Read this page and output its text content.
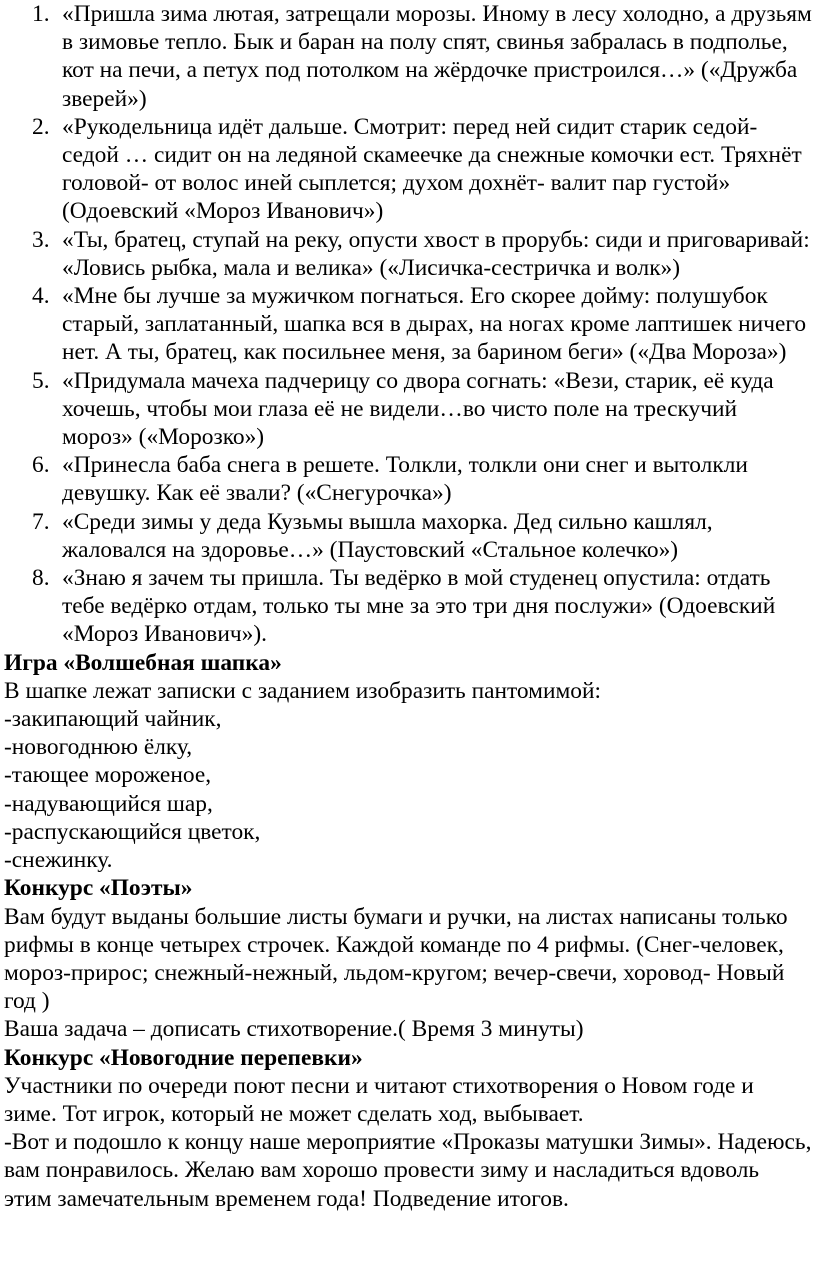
1. «Пришла зима лютая, затрещали морозы. Иному в лесу холодно, а друзьям в зимовье тепло. Бык и баран на полу спят, свинья забралась в подполье, кот на печи, а петух под потолком на жёрдочке пристроился…» («Дружба зверей»)
2. «Рукодельница идёт дальше. Смотрит: перед ней сидит старик седой-седой … сидит он на ледяной скамеечке да снежные комочки ест. Тряхнёт головой- от волос иней сыплется; духом дохнёт- валит пар густой» (Одоевский «Мороз Иванович»)
3. «Ты, братец, ступай на реку, опусти хвост в прорубь: сиди и приговаривай: «Ловись рыбка, мала и велика» («Лисичка-сестричка и волк»)
4. «Мне бы лучше за мужичком погнаться. Его скорее дойму: полушубок старый, заплатанный, шапка вся в дырах, на ногах кроме лаптишек ничего нет. А ты, братец, как посильнее меня, за барином беги» («Два Мороза»)
5. «Придумала мачеха падчерицу со двора согнать: «Вези, старик, её куда хочешь, чтобы мои глаза её не видели…во чисто поле на трескучий мороз» («Морозко»)
6. «Принесла баба снега в решете. Толкли, толкли они снег и вытолкли девушку. Как её звали? («Снегурочка»)
7. «Среди зимы у деда Кузьмы вышла махорка. Дед сильно кашлял, жаловался на здоровье…» (Паустовский «Стальное колечко»)
8. «Знаю я зачем ты пришла. Ты ведёрко в мой студенец опустила: отдать тебе ведёрко отдам, только ты мне за это три дня послужи» (Одоевский «Мороз Иванович»).
Игра «Волшебная шапка»
В шапке лежат записки с заданием изобразить пантомимой:
-закипающий чайник,
-новогоднюю ёлку,
-тающее мороженое,
-надувающийся шар,
-распускающийся цветок,
-снежинку.
Конкурс «Поэты»
Вам будут выданы большие листы бумаги и ручки, на листах написаны только рифмы в конце четырех строчек. Каждой команде по 4 рифмы. (Снег-человек, мороз-прирос; снежный-нежный, льдом-кругом; вечер-свечи, хоровод- Новый год )
Ваша задача – дописать стихотворение.( Время 3 минуты)
Конкурс «Новогодние перепевки»
Участники по очереди поют песни и читают стихотворения о Новом годе и зиме. Тот игрок, который не может сделать ход, выбывает.
-Вот и подошло к концу наше мероприятие «Проказы матушки Зимы». Надеюсь, вам понравилось. Желаю вам хорошо провести зиму и насладиться вдоволь этим замечательным временем года! Подведение итогов.
